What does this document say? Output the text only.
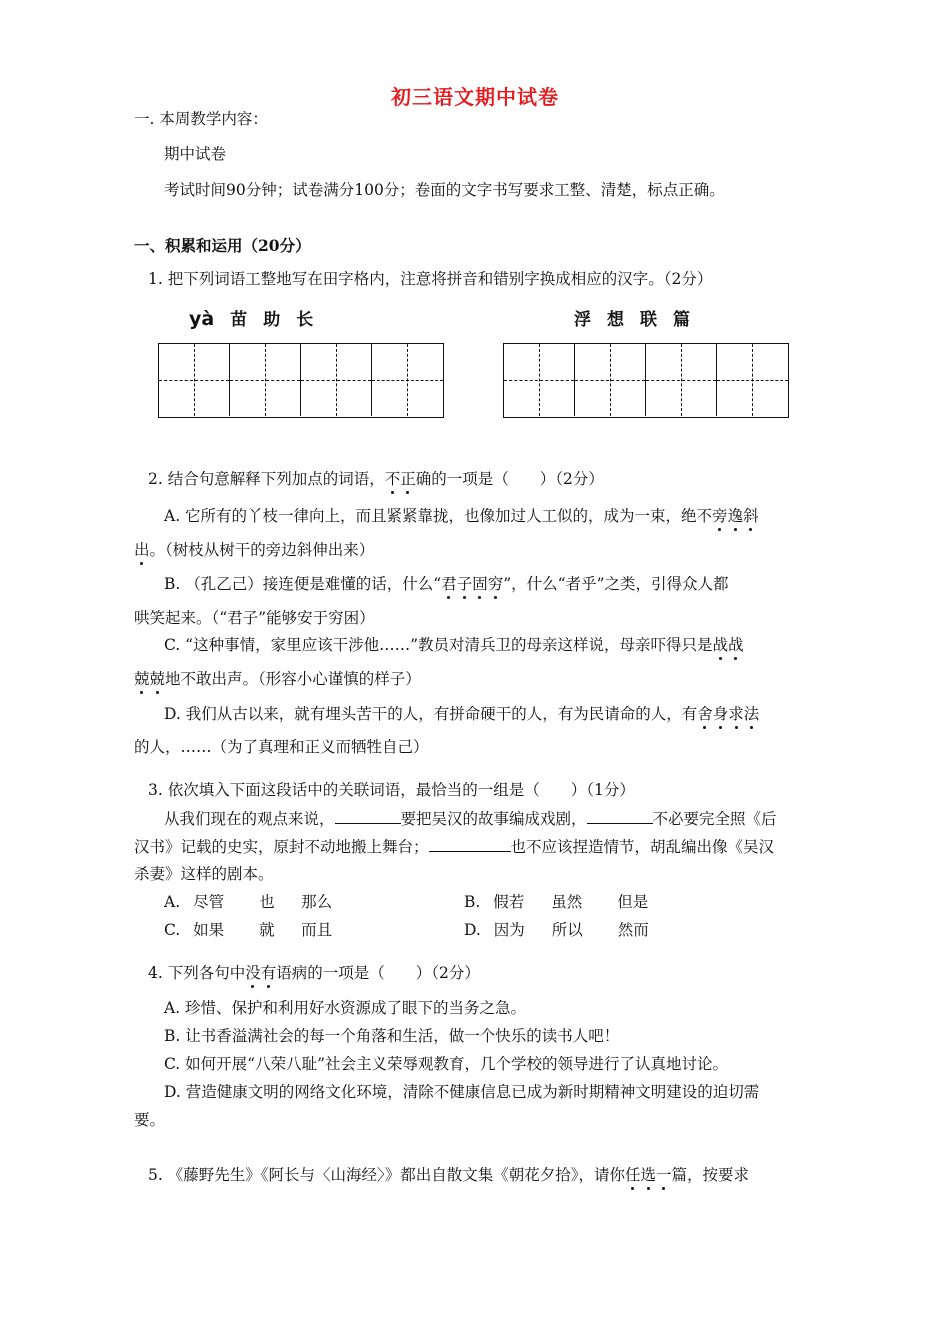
初三语文期中试卷
一. 本周教学内容：
期中试卷
考试时间90分钟；试卷满分100分；卷面的文字书写要求工整、清楚，标点正确。
一、积累和运用（20分）
1. 把下列词语工整地写在田字格内，注意将拼音和错别字换成相应的汉字。（2分）
yà 苗 助 长	浮 想 联 篇
2. 结合句意解释下列加点的词语，不正确的一项是（　　）（2分）
A. 它所有的丫枝一律向上，而且紧紧靠拢，也像加过人工似的，成为一束，绝不旁逸斜
出。（树枝从树干的旁边斜伸出来）
B. （孔乙己）接连便是难懂的话，什么“君子固穷”，什么“者乎”之类，引得众人都
哄笑起来。（“君子”能够安于穷困）
C. “这种事情，家里应该干涉他……”教员对清兵卫的母亲这样说，母亲吓得只是战战
兢兢地不敢出声。（形容小心谨慎的样子）
D. 我们从古以来，就有埋头苦干的人，有拼命硬干的人，有为民请命的人，有舍身求法
的人，……（为了真理和正义而牺牲自己）
3. 依次填入下面这段话中的关联词语，最恰当的一组是（　　）（1分）
从我们现在的观点来说，	要把吴汉的故事编成戏剧，	不必要完全照《后
汉书》记载的史实，原封不动地搬上舞台；	也不应该捏造情节，胡乱编出像《吴汉
杀妻》这样的剧本。
A. 尽管 也 那么	B. 假若 虽然 但是
C. 如果 就 而且	D. 因为 所以 然而
4. 下列各句中没有语病的一项是（　　）（2分）
A. 珍惜、保护和利用好水资源成了眼下的当务之急。
B. 让书香溢满社会的每一个角落和生活，做一个快乐的读书人吧！
C. 如何开展“八荣八耻”社会主义荣辱观教育，几个学校的领导进行了认真地讨论。
D. 营造健康文明的网络文化环境，清除不健康信息已成为新时期精神文明建设的迫切需
要。
5. 《藤野先生》《阿长与〈山海经〉》都出自散文集《朝花夕拾》，请你任选一篇，按要求
